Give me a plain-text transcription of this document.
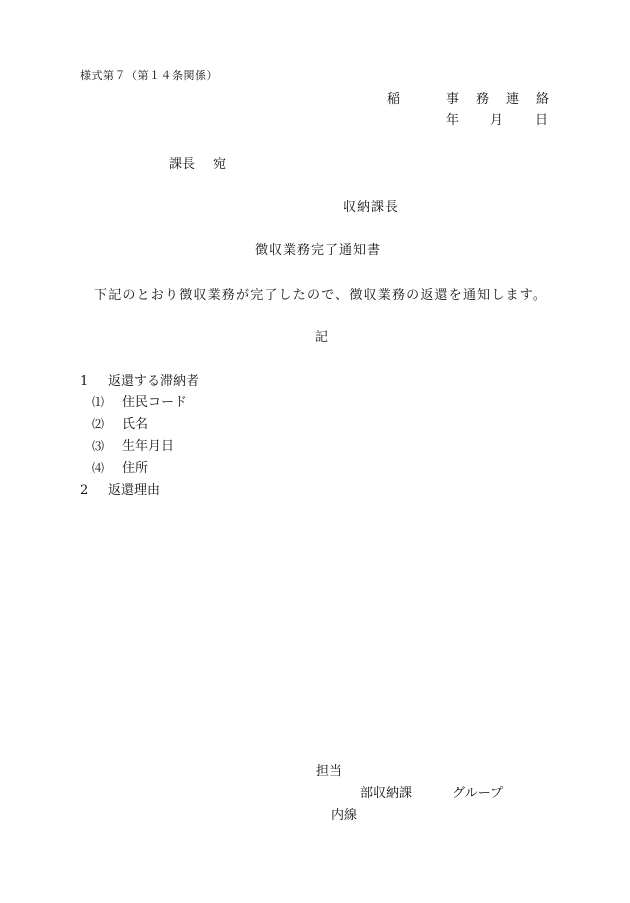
様式第７（第１４条関係）
稲	事 務 連 絡
年 月 日
課長 宛
収納課長
徴収業務完了通知書
下記のとおり徴収業務が完了したので、徴収業務の返還を通知します。
記
1 返還する滞納者
⑴ 住民コード
⑵ 氏名
⑶ 生年月日
⑷ 住所
2 返還理由
担当
部収納課	グループ
内線
